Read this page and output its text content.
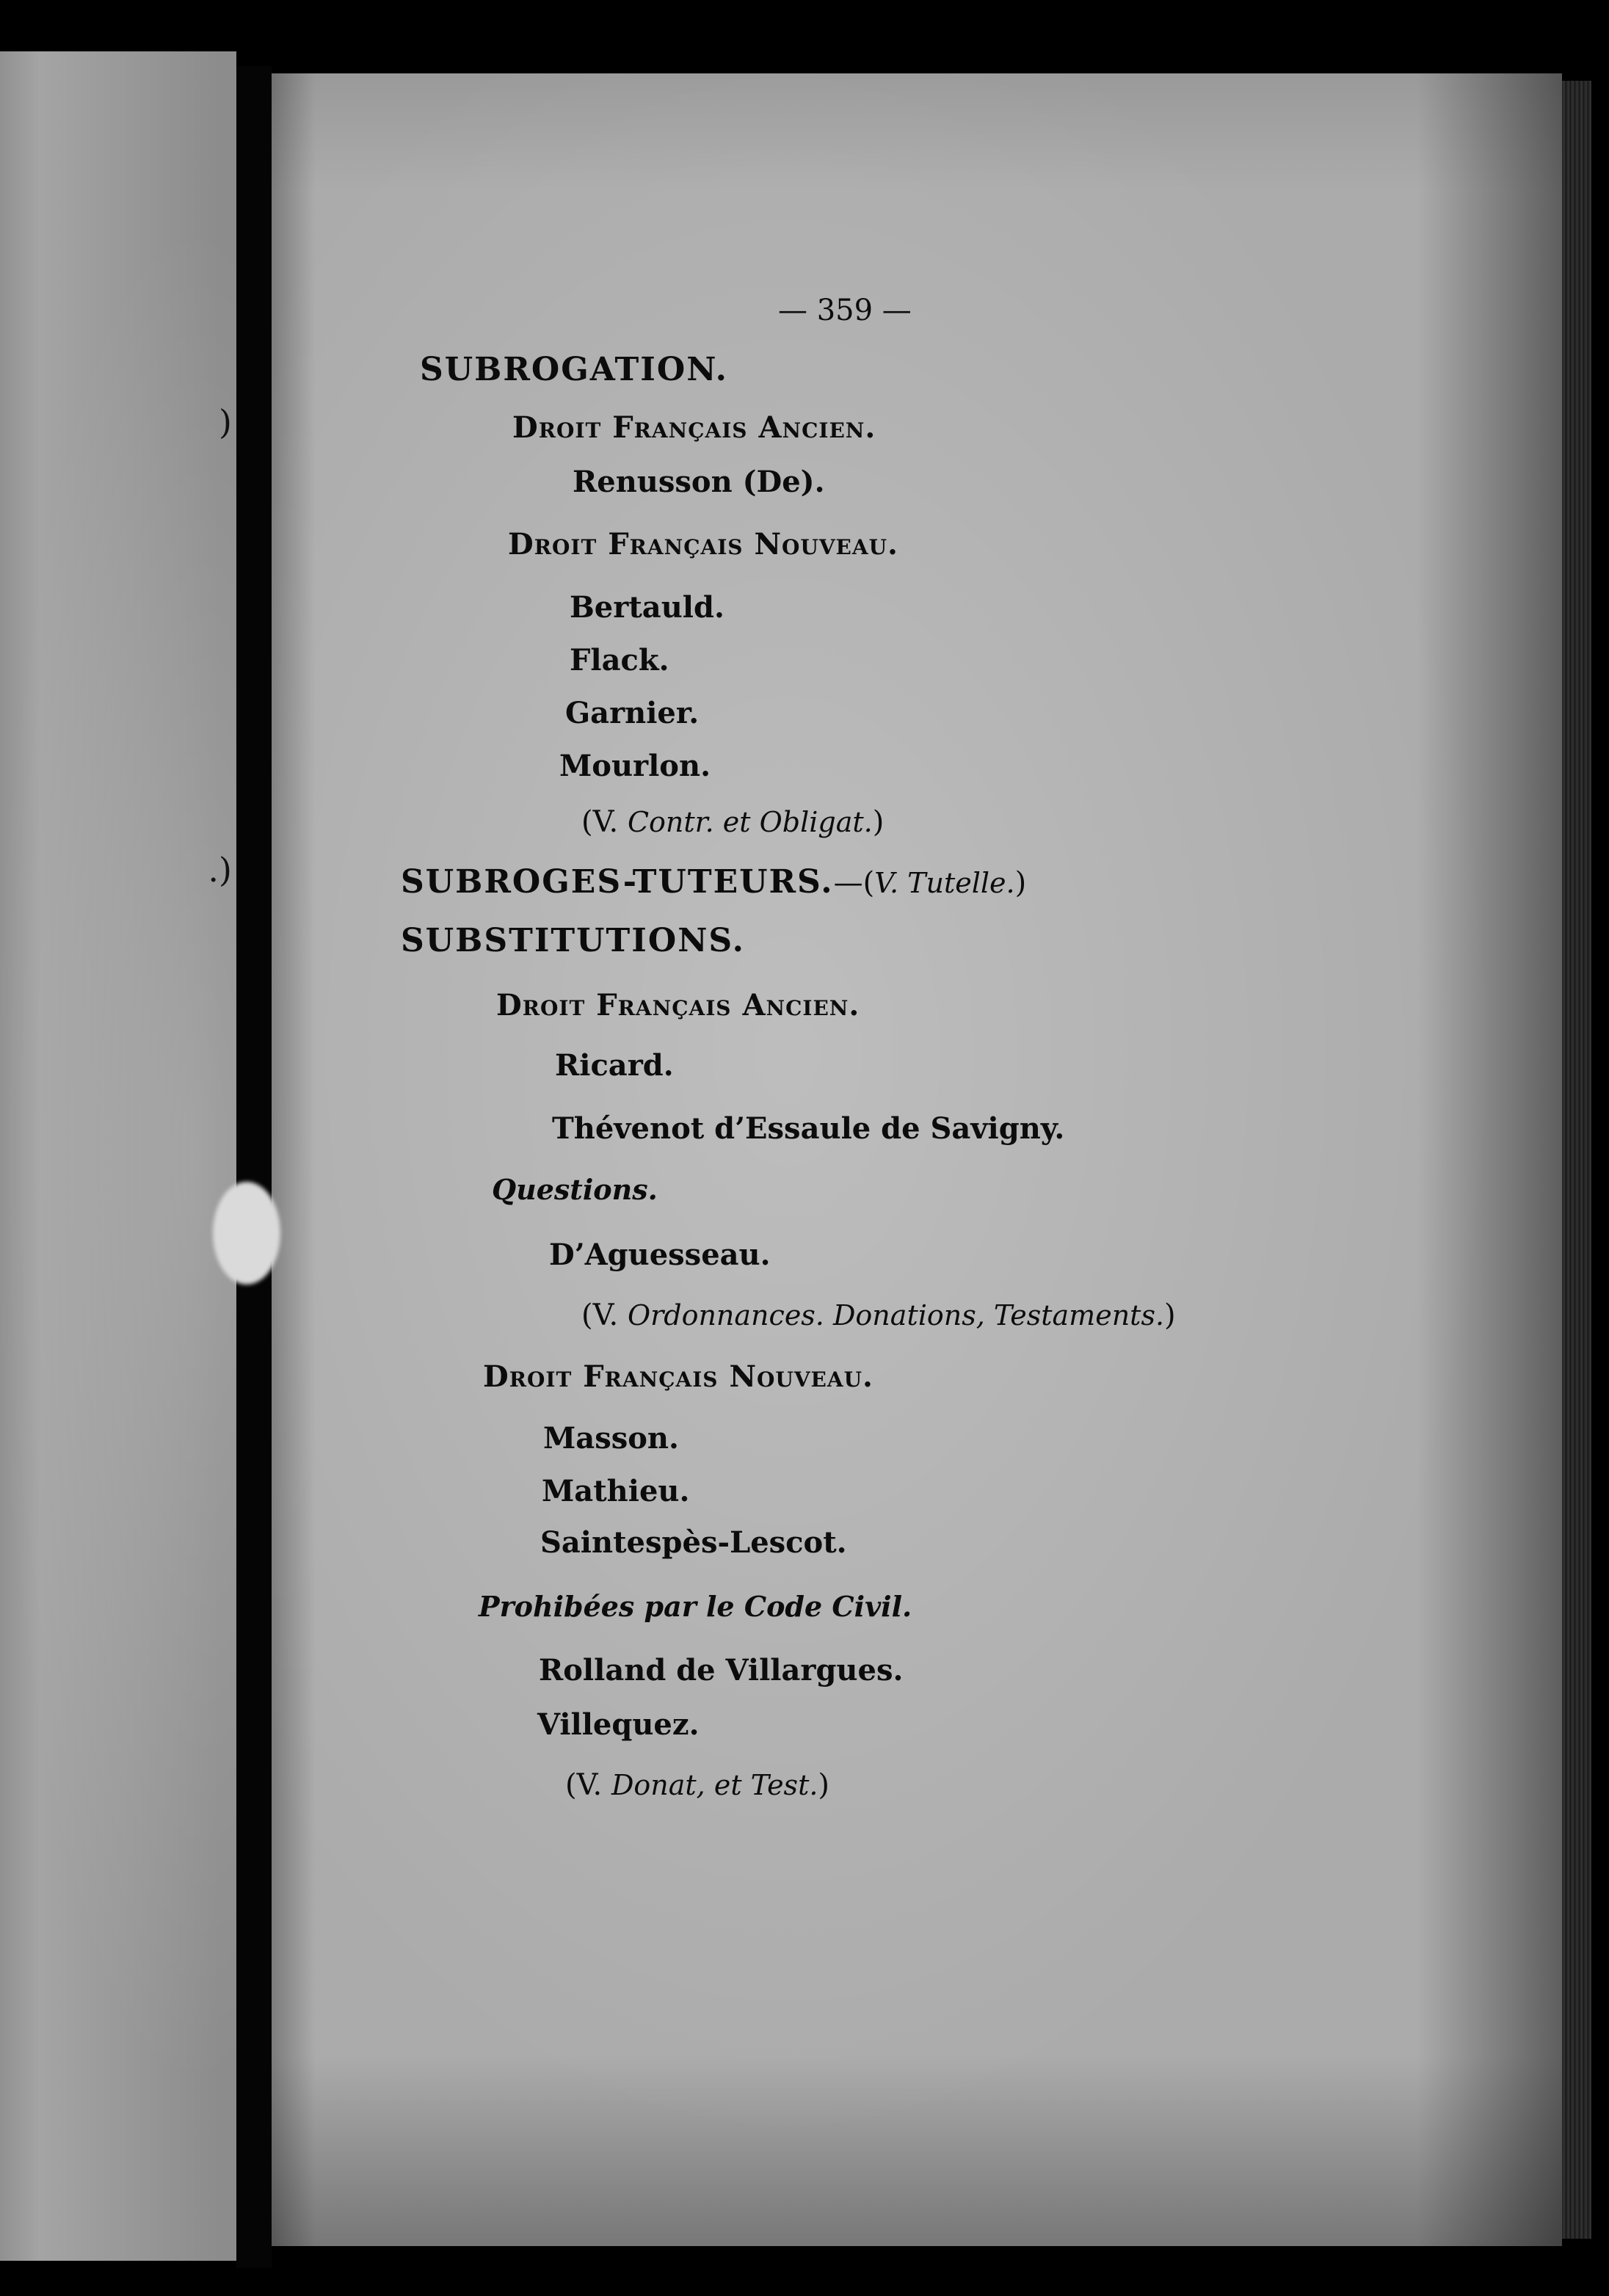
)
.)
— 359 —
SUBROGATION.
Droit Français Ancien.
Renusson (De).
Droit Français Nouveau.
Bertauld.
Flack.
Garnier.
Mourlon.
(V. Contr. et Obligat.)
SUBROGES-TUTEURS.—(V. Tutelle.)
SUBSTITUTIONS.
Droit Français Ancien.
Ricard.
Thévenot d’Essaule de Savigny.
Questions.
D’Aguesseau.
(V. Ordonnances. Donations, Testaments.)
Droit Français Nouveau.
Masson.
Mathieu.
Saintespès-Lescot.
Prohibées par le Code Civil.
Rolland de Villargues.
Villequez.
(V. Donat, et Test.)
